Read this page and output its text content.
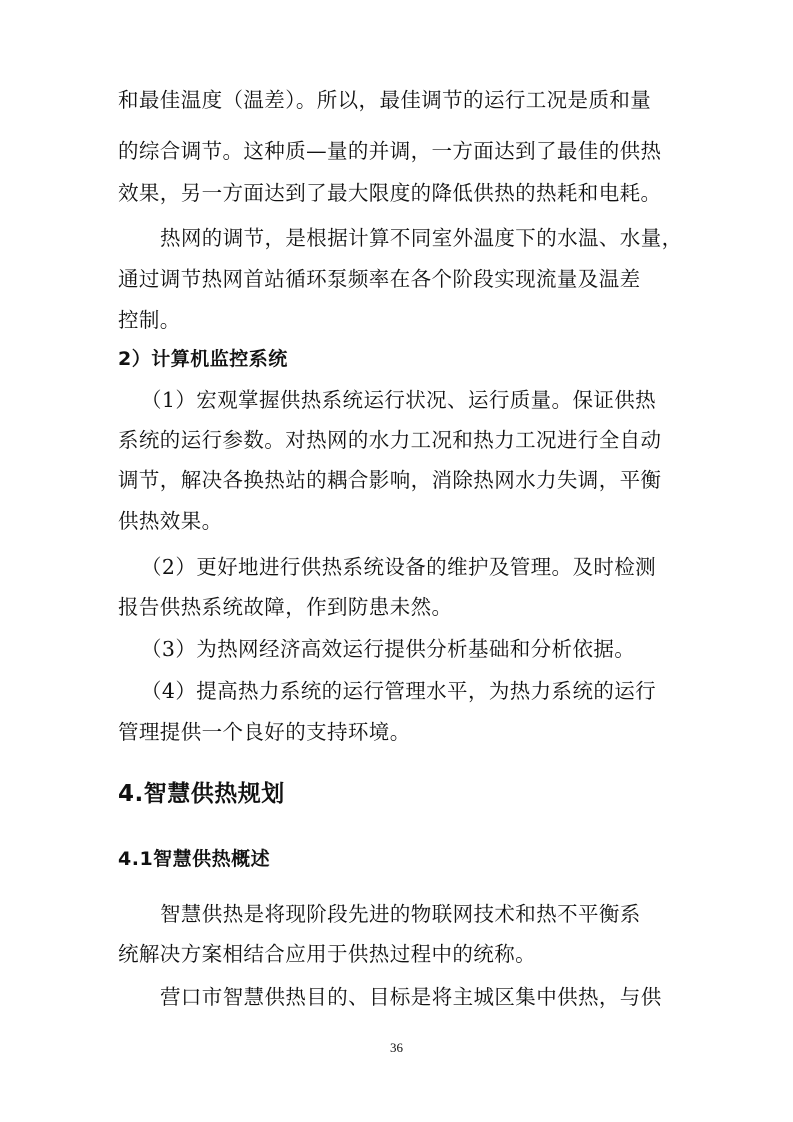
和最佳温度（温差）。所以，最佳调节的运行工况是质和量
的综合调节。这种质—量的并调，一方面达到了最佳的供热
效果，另一方面达到了最大限度的降低供热的热耗和电耗。
热网的调节，是根据计算不同室外温度下的水温、水量，
通过调节热网首站循环泵频率在各个阶段实现流量及温差
控制。
2）计算机监控系统
（1）宏观掌握供热系统运行状况、运行质量。保证供热
系统的运行参数。对热网的水力工况和热力工况进行全自动
调节，解决各换热站的耦合影响，消除热网水力失调，平衡
供热效果。
（2）更好地进行供热系统设备的维护及管理。及时检测
报告供热系统故障，作到防患未然。
（3）为热网经济高效运行提供分析基础和分析依据。
（4）提高热力系统的运行管理水平，为热力系统的运行
管理提供一个良好的支持环境。
4.智慧供热规划
4.1智慧供热概述
智慧供热是将现阶段先进的物联网技术和热不平衡系
统解决方案相结合应用于供热过程中的统称。
营口市智慧供热目的、目标是将主城区集中供热，与供
36
